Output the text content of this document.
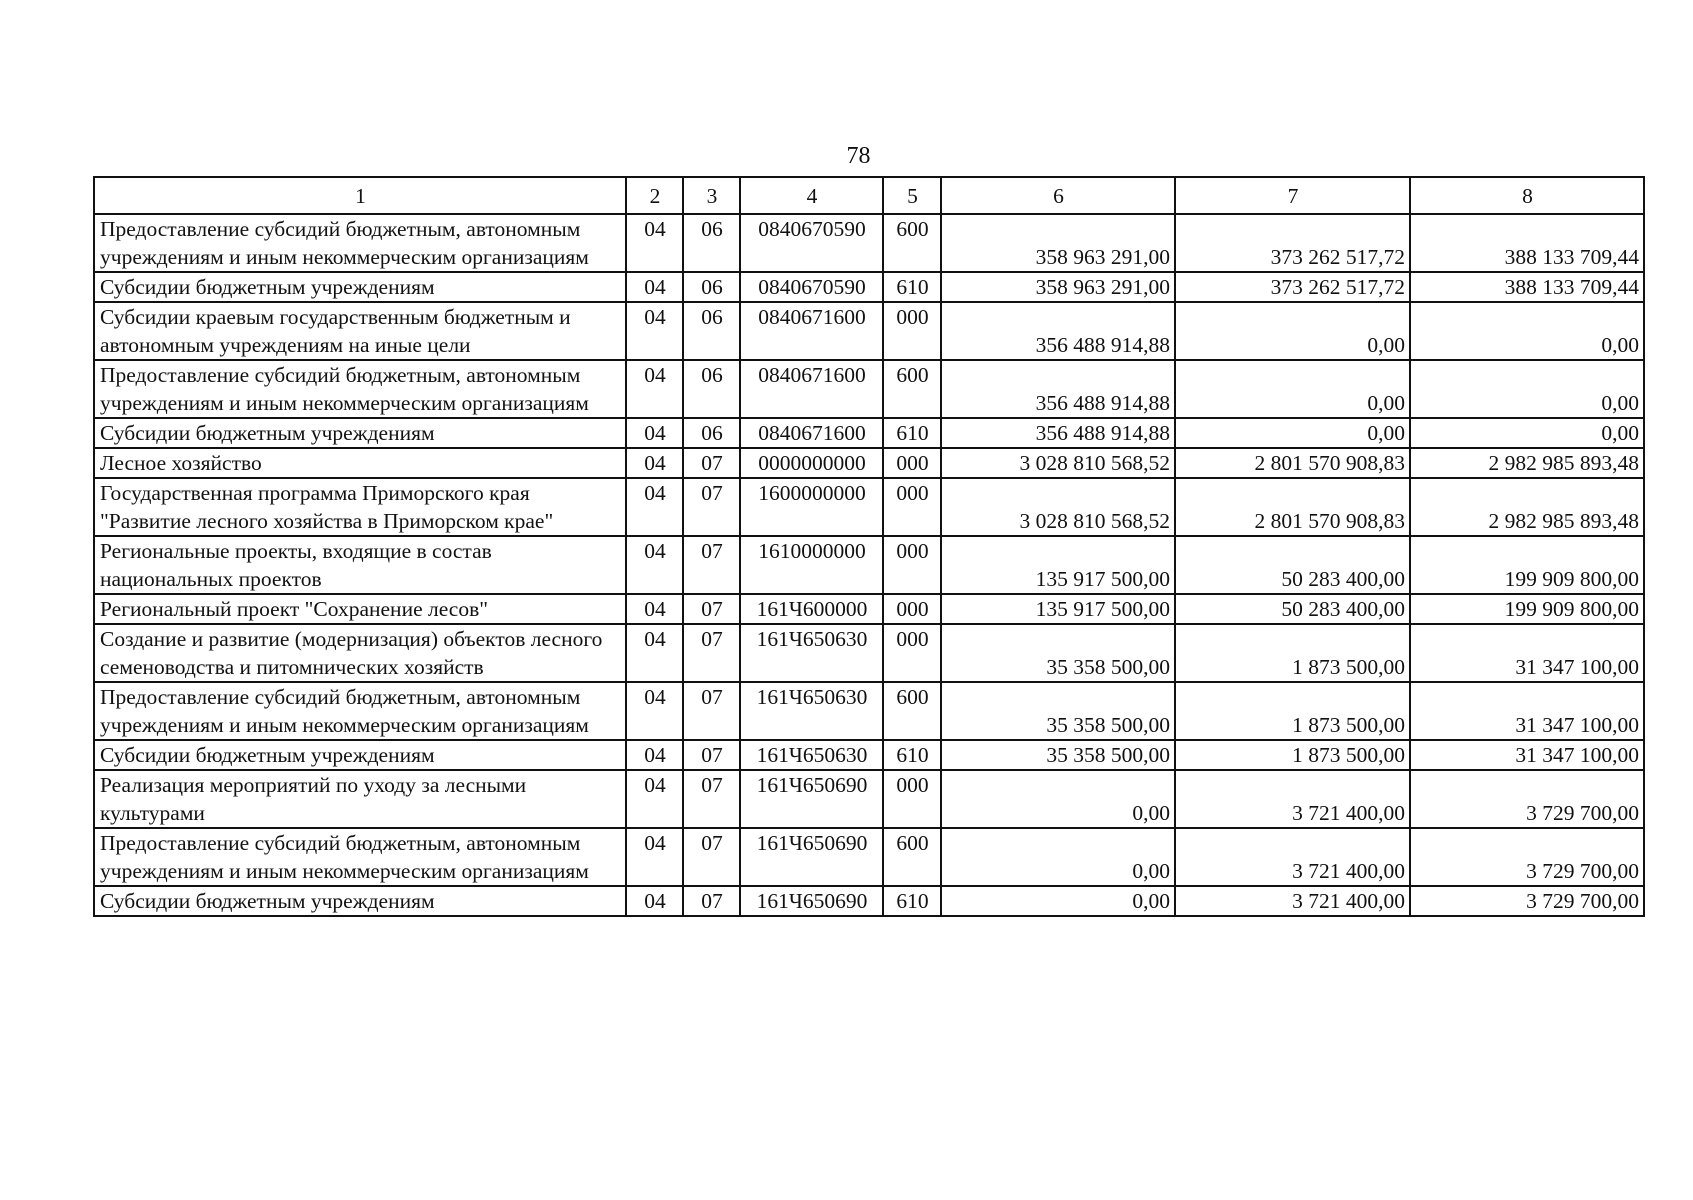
78
1	2	3	4	5	6	7	8
Предоставление субсидий бюджетным, автономным учреждениям и иным некоммерческим организациям	04	06	0840670590	600	358 963 291,00	373 262 517,72	388 133 709,44
Субсидии бюджетным учреждениям	04	06	0840670590	610	358 963 291,00	373 262 517,72	388 133 709,44
Субсидии краевым государственным бюджетным и автономным учреждениям на иные цели	04	06	0840671600	000	356 488 914,88	0,00	0,00
Предоставление субсидий бюджетным, автономным учреждениям и иным некоммерческим организациям	04	06	0840671600	600	356 488 914,88	0,00	0,00
Субсидии бюджетным учреждениям	04	06	0840671600	610	356 488 914,88	0,00	0,00
Лесное хозяйство	04	07	0000000000	000	3 028 810 568,52	2 801 570 908,83	2 982 985 893,48
Государственная программа Приморского края "Развитие лесного хозяйства в Приморском крае"	04	07	1600000000	000	3 028 810 568,52	2 801 570 908,83	2 982 985 893,48
Региональные проекты, входящие в состав национальных проектов	04	07	1610000000	000	135 917 500,00	50 283 400,00	199 909 800,00
Региональный проект "Сохранение лесов"	04	07	161Ч600000	000	135 917 500,00	50 283 400,00	199 909 800,00
Создание и развитие (модернизация) объектов лесного семеноводства и питомнических хозяйств	04	07	161Ч650630	000	35 358 500,00	1 873 500,00	31 347 100,00
Предоставление субсидий бюджетным, автономным учреждениям и иным некоммерческим организациям	04	07	161Ч650630	600	35 358 500,00	1 873 500,00	31 347 100,00
Субсидии бюджетным учреждениям	04	07	161Ч650630	610	35 358 500,00	1 873 500,00	31 347 100,00
Реализация мероприятий по уходу за лесными культурами	04	07	161Ч650690	000	0,00	3 721 400,00	3 729 700,00
Предоставление субсидий бюджетным, автономным учреждениям и иным некоммерческим организациям	04	07	161Ч650690	600	0,00	3 721 400,00	3 729 700,00
Субсидии бюджетным учреждениям	04	07	161Ч650690	610	0,00	3 721 400,00	3 729 700,00
